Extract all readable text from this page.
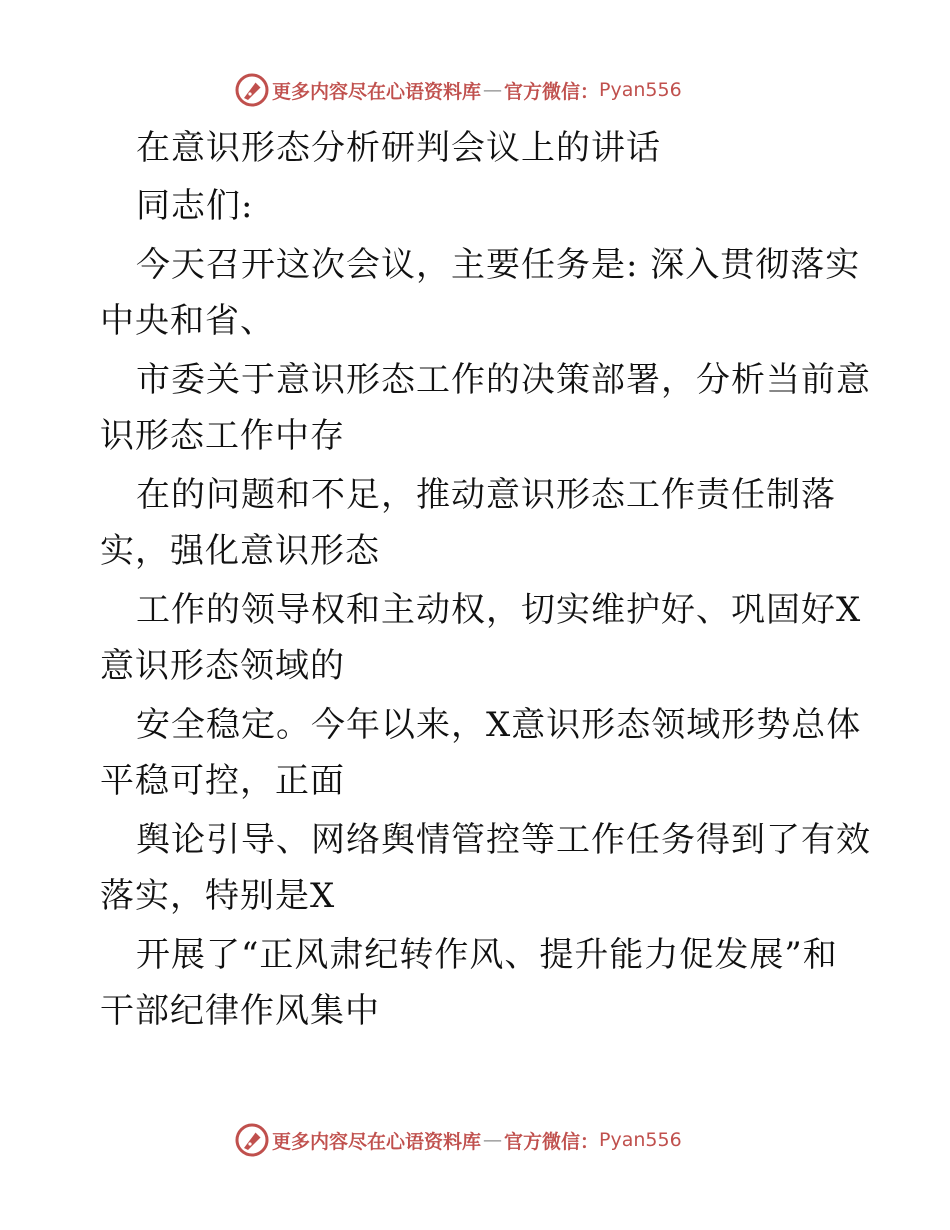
更多内容尽在心语资料库 — 官方微信： Pyan556
在意识形态分析研判会议上的讲话
同志们:
今天召开这次会议，主要任务是: 深入贯彻落实
中央和省、
市委关于意识形态工作的决策部署，分析当前意
识形态工作中存
在的问题和不足，推动意识形态工作责任制落
实，强化意识形态
工作的领导权和主动权，切实维护好、巩固好X
意识形态领域的
安全稳定。今年以来，X意识形态领域形势总体
平稳可控，正面
舆论引导、网络舆情管控等工作任务得到了有效
落实，特别是X
开展了“正风肃纪转作风、提升能力促发展”和
干部纪律作风集中
更多内容尽在心语资料库 — 官方微信： Pyan556
